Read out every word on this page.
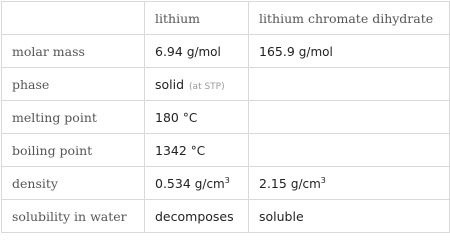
	lithium	lithium chromate dihydrate
molar mass	6.94 g/mol	165.9 g/mol
phase	solid (at STP)	
melting point	180 °C	
boiling point	1342 °C	
density	0.534 $g/cm^3$	2.15 $g/cm^3$
solubility in water	decomposes	soluble
